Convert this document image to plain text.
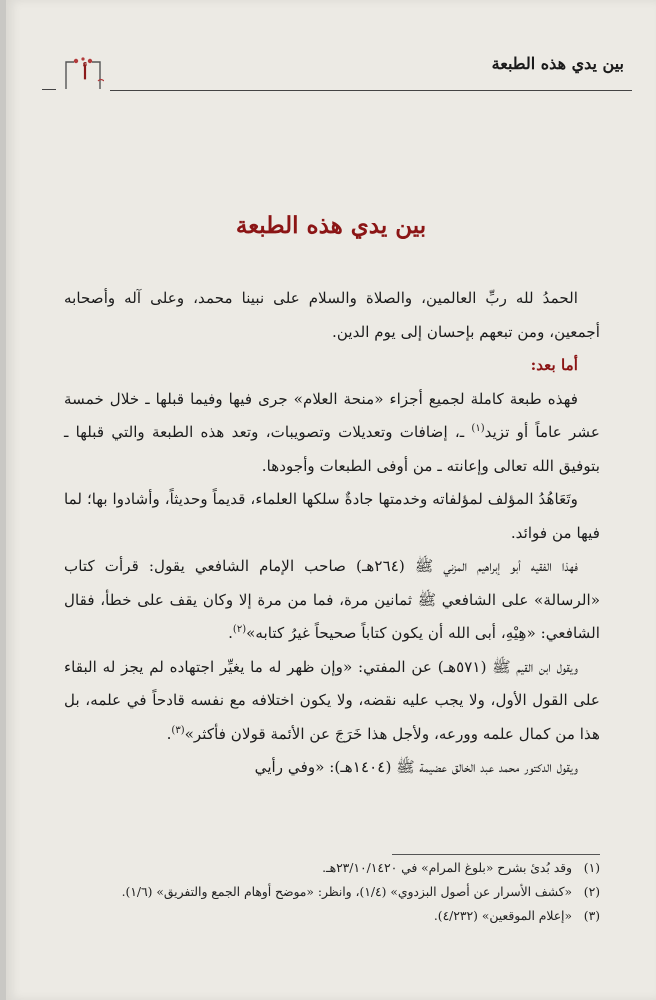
بين يدي هذه الطبعة
أ
بين يدي هذه الطبعة

الحمدُ لله ربِّ العالمين، والصلاة والسلام على نبينا محمد، وعلى آله وأصحابه أجمعين، ومن تبعهم بإحسان إلى يوم الدين.

أما بعد:

فهذه طبعة كاملة لجميع أجزاء «منحة العلام» جرى فيها وفيما قبلها ـ خلال خمسة عشر عاماً أو تزيد$^{(١)}$ ـ، إضافات وتعديلات وتصويبات، وتعد هذه الطبعة والتي قبلها ـ بتوفيق الله تعالى وإعانته ـ من أوفى الطبعات وأجودها.

وتَعَاهُدُ المؤلف لمؤلفاته وخدمتها جادةٌ سلكها العلماء، قديماً وحديثاً، وأشادوا بها؛ لما فيها من فوائد.

فهذا الفقيه أبو إبراهيم المزني ﷺ (٢٦٤هـ) صاحب الإمام الشافعي يقول: قرأت كتاب «الرسالة» على الشافعي ﷺ ثمانين مرة، فما من مرة إلا وكان يقف على خطأ، فقال الشافعي: «هِيْهِ، أبى الله أن يكون كتاباً صحيحاً غيرُ كتابه»$^{(٢)}$.

ويقول ابن القيم ﷺ (٥٧١هـ) عن المفتي: «وإن ظهر له ما يغيِّر اجتهاده لم يجز له البقاء على القول الأول، ولا يجب عليه نقضه، ولا يكون اختلافه مع نفسه قادحاً في علمه، بل هذا من كمال علمه وورعه، ولأجل هذا خَرَجَ عن الأئمة قولان فأكثر»$^{(٣)}$.

ويقول الدكتور محمد عبد الخالق عضيمة ﷺ (١٤٠٤هـ): «وفي رأيي

(١)وقد بُدئ بشرح «بلوغ المرام» في ٢٣/١٠/١٤٢٠هـ.

(٢)«كشف الأسرار عن أصول البزدوي» (١/٤)، وانظر: «موضح أوهام الجمع والتفريق» (١/٦).

(٣)«إعلام الموقعين» (٤/٢٣٢).
